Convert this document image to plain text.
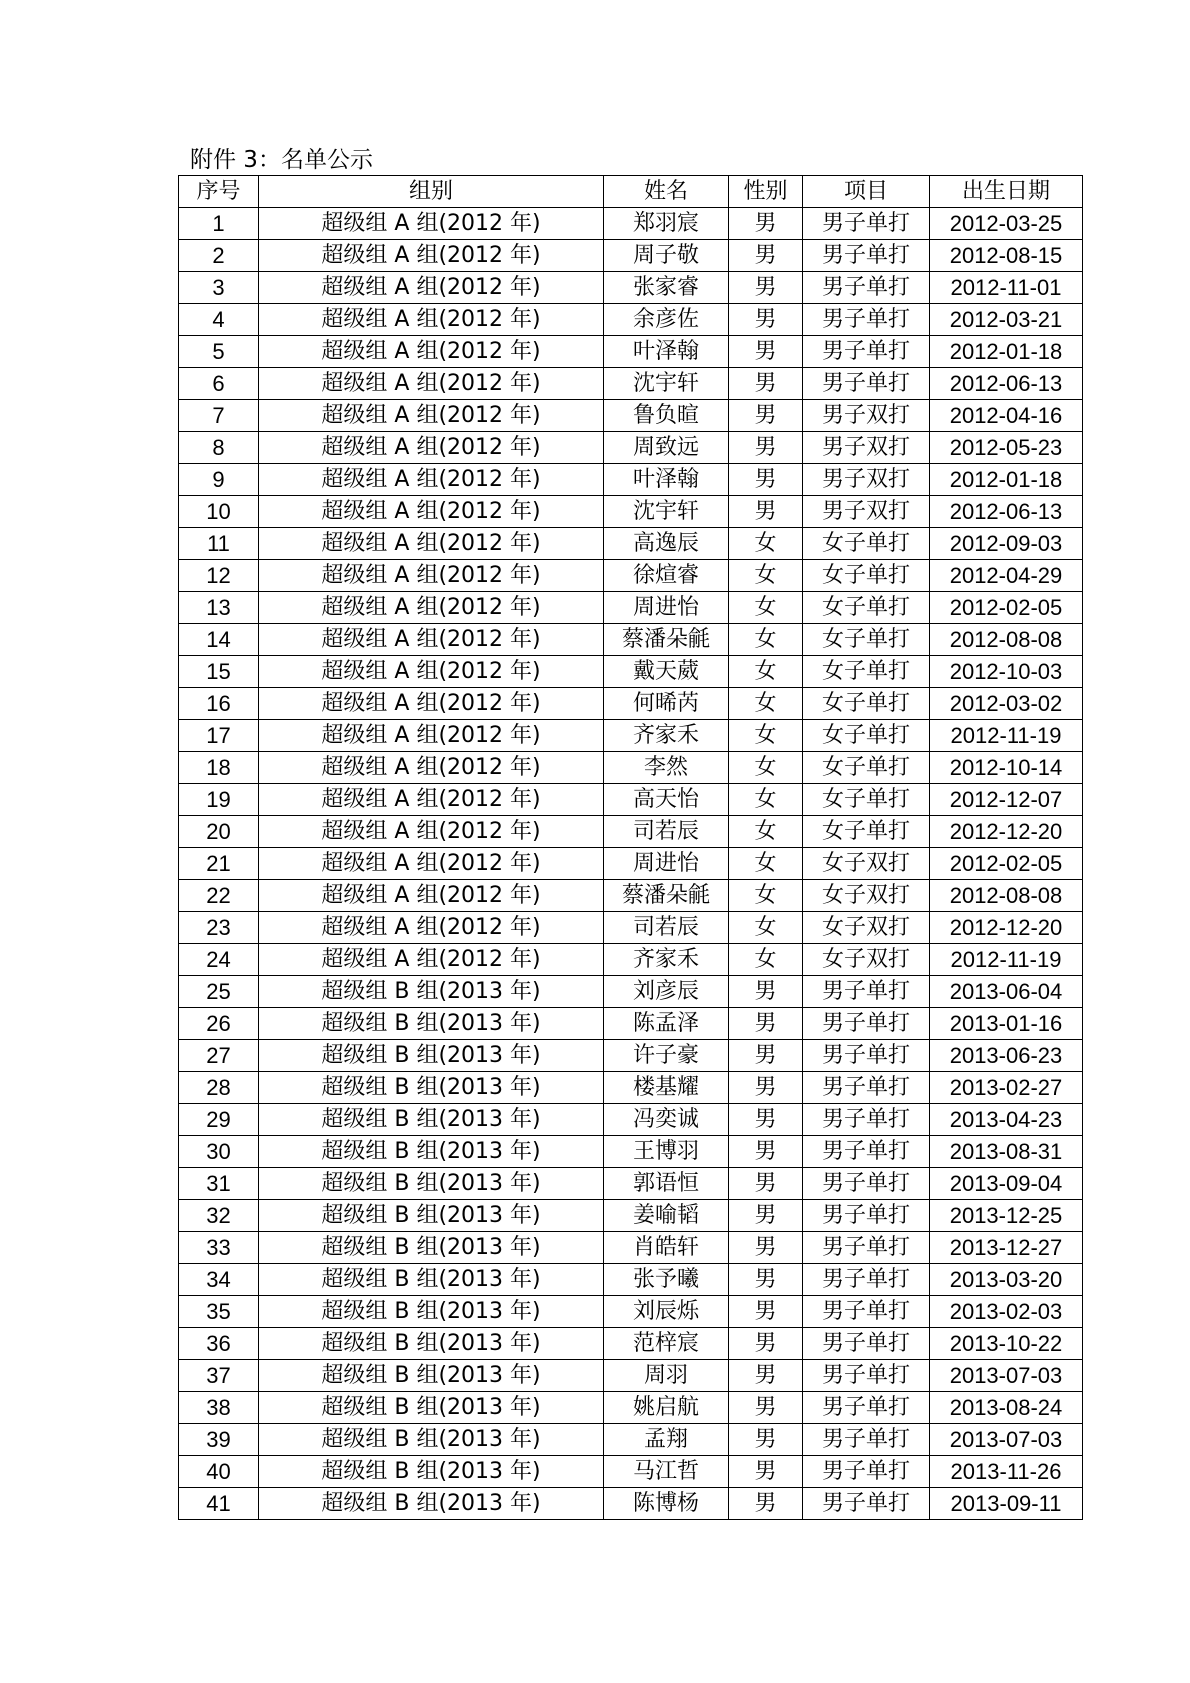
附件 3：名单公示
序号	组别	姓名	性别	项目	出生日期
1	超级组 A 组(2012 年)	郑羽宸	男	男子单打	2012-03-25
2	超级组 A 组(2012 年)	周子敬	男	男子单打	2012-08-15
3	超级组 A 组(2012 年)	张家睿	男	男子单打	2012-11-01
4	超级组 A 组(2012 年)	余彦佐	男	男子单打	2012-03-21
5	超级组 A 组(2012 年)	叶泽翰	男	男子单打	2012-01-18
6	超级组 A 组(2012 年)	沈宇轩	男	男子单打	2012-06-13
7	超级组 A 组(2012 年)	鲁负暄	男	男子双打	2012-04-16
8	超级组 A 组(2012 年)	周致远	男	男子双打	2012-05-23
9	超级组 A 组(2012 年)	叶泽翰	男	男子双打	2012-01-18
10	超级组 A 组(2012 年)	沈宇轩	男	男子双打	2012-06-13
11	超级组 A 组(2012 年)	高逸辰	女	女子单打	2012-09-03
12	超级组 A 组(2012 年)	徐煊睿	女	女子单打	2012-04-29
13	超级组 A 组(2012 年)	周进怡	女	女子单打	2012-02-05
14	超级组 A 组(2012 年)	蔡潘朵毹	女	女子单打	2012-08-08
15	超级组 A 组(2012 年)	戴天葳	女	女子单打	2012-10-03
16	超级组 A 组(2012 年)	何晞芮	女	女子单打	2012-03-02
17	超级组 A 组(2012 年)	齐家禾	女	女子单打	2012-11-19
18	超级组 A 组(2012 年)	李然	女	女子单打	2012-10-14
19	超级组 A 组(2012 年)	高天怡	女	女子单打	2012-12-07
20	超级组 A 组(2012 年)	司若辰	女	女子单打	2012-12-20
21	超级组 A 组(2012 年)	周进怡	女	女子双打	2012-02-05
22	超级组 A 组(2012 年)	蔡潘朵毹	女	女子双打	2012-08-08
23	超级组 A 组(2012 年)	司若辰	女	女子双打	2012-12-20
24	超级组 A 组(2012 年)	齐家禾	女	女子双打	2012-11-19
25	超级组 B 组(2013 年)	刘彦辰	男	男子单打	2013-06-04
26	超级组 B 组(2013 年)	陈孟泽	男	男子单打	2013-01-16
27	超级组 B 组(2013 年)	许子豪	男	男子单打	2013-06-23
28	超级组 B 组(2013 年)	楼基耀	男	男子单打	2013-02-27
29	超级组 B 组(2013 年)	冯奕诚	男	男子单打	2013-04-23
30	超级组 B 组(2013 年)	王博羽	男	男子单打	2013-08-31
31	超级组 B 组(2013 年)	郭语恒	男	男子单打	2013-09-04
32	超级组 B 组(2013 年)	姜喻韬	男	男子单打	2013-12-25
33	超级组 B 组(2013 年)	肖皓轩	男	男子单打	2013-12-27
34	超级组 B 组(2013 年)	张予曦	男	男子单打	2013-03-20
35	超级组 B 组(2013 年)	刘辰烁	男	男子单打	2013-02-03
36	超级组 B 组(2013 年)	范梓宸	男	男子单打	2013-10-22
37	超级组 B 组(2013 年)	周羽	男	男子单打	2013-07-03
38	超级组 B 组(2013 年)	姚启航	男	男子单打	2013-08-24
39	超级组 B 组(2013 年)	孟翔	男	男子单打	2013-07-03
40	超级组 B 组(2013 年)	马江哲	男	男子单打	2013-11-26
41	超级组 B 组(2013 年)	陈博杨	男	男子单打	2013-09-11
